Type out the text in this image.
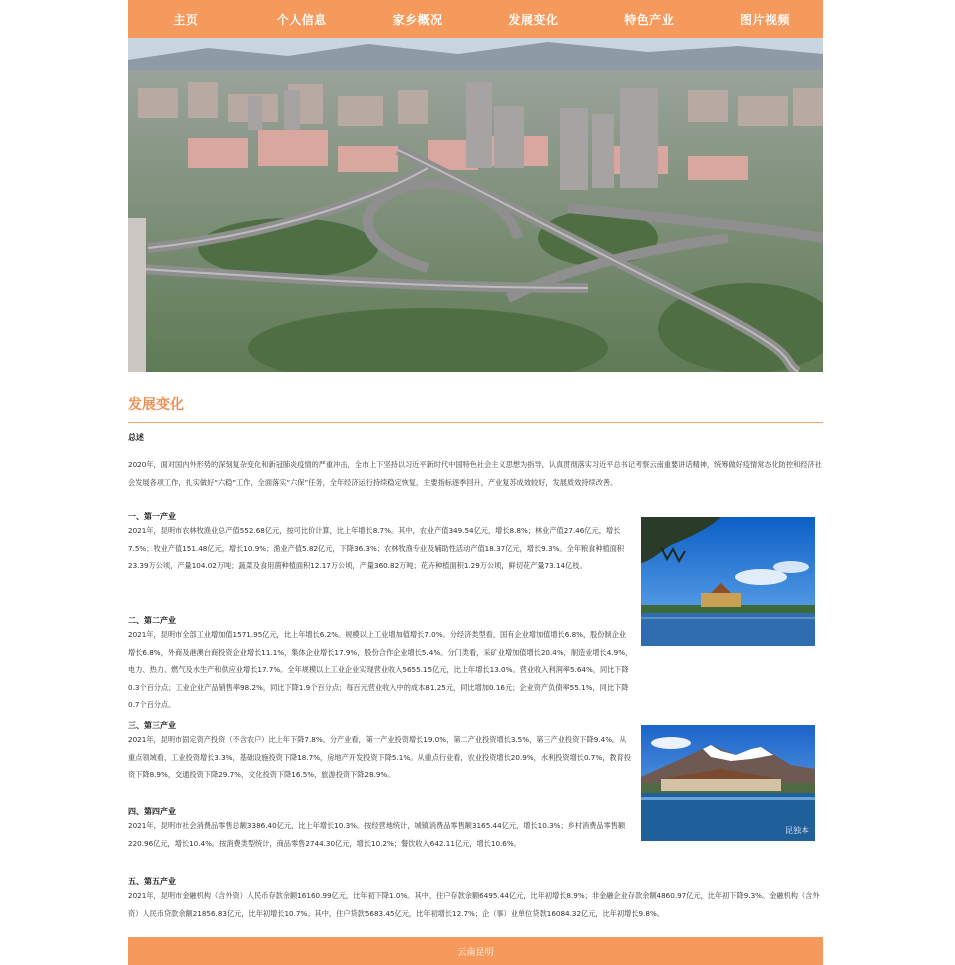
主页	个人信息	家乡概况	发展变化	特色产业	图片视频
发展变化

总述

2020年，面对国内外形势的深刻复杂变化和新冠肺炎疫情的严重冲击，全市上下坚持以习近平新时代中国特色社会主义思想为指导，认真贯彻落实习近平总书记考察云南重要讲话精神，统筹做好疫情常态化防控和经济社会发展各项工作，扎实做好“六稳”工作，全面落实“六保”任务，全年经济运行持续稳定恢复，主要指标逐季回升，产业复苏成效较好，发展质效持续改善。

一、第一产业

2021年，昆明市农林牧渔业总产值552.68亿元，按可比价计算，比上年增长8.7%。其中，农业产值349.54亿元，增长8.8%；林业产值27.46亿元，增长7.5%；牧业产值151.48亿元，增长10.9%；渔业产值5.82亿元，下降36.3%；农林牧渔专业及辅助性活动产值18.37亿元，增长9.3%。全年粮食种植面积23.39万公顷，产量104.02万吨；蔬菜及食用菌种植面积12.17万公顷，产量360.82万吨；花卉种植面积1.29万公顷，鲜切花产量73.14亿枝。

二、第二产业

2021年，昆明市全部工业增加值1571.95亿元，比上年增长6.2%。规模以上工业增加值增长7.0%。分经济类型看，国有企业增加值增长6.8%，股份制企业增长6.8%，外商及港澳台商投资企业增长11.1%，集体企业增长17.9%，股份合作企业增长5.4%。分门类看，采矿业增加值增长20.4%，制造业增长4.9%，电力、热力、燃气及水生产和供应业增长17.7%。全年规模以上工业企业实现营业收入5655.15亿元，比上年增长13.0%。营业收入利润率5.64%，同比下降0.3个百分点；工业企业产品销售率98.2%，同比下降1.9个百分点；每百元营业收入中的成本81.25元，同比增加0.16元；企业资产负债率55.1%，同比下降0.7个百分点。

三、第三产业

2021年，昆明市固定资产投资（不含农户）比上年下降7.8%。分产业看，第一产业投资增长19.0%，第二产业投资增长3.5%，第三产业投资下降9.4%。从重点领域看，工业投资增长3.3%，基础设施投资下降18.7%，房地产开发投资下降5.1%。从重点行业看，农业投资增长20.9%，水利投资增长0.7%，教育投资下降8.9%，交通投资下降29.7%，文化投资下降16.5%，旅游投资下降28.9%。

四、第四产业

2021年，昆明市社会消费品零售总额3386.40亿元，比上年增长10.3%。按经营地统计，城镇消费品零售额3165.44亿元，增长10.3%；乡村消费品零售额220.96亿元，增长10.4%。按消费类型统计，商品零售2744.30亿元，增长10.2%；餐饮收入642.11亿元，增长10.6%。

五、第五产业

2021年，昆明市金融机构（含外资）人民币存款余额16160.99亿元，比年初下降1.0%。其中，住户存款余额6495.44亿元，比年初增长8.9%；非金融企业存款余额4860.97亿元，比年初下降9.3%。金融机构（含外资）人民币贷款余额21856.83亿元，比年初增长10.7%。其中，住户贷款5683.45亿元，比年初增长12.7%；企（事）业单位贷款16084.32亿元，比年初增长9.8%。

昆独本
云南昆明
